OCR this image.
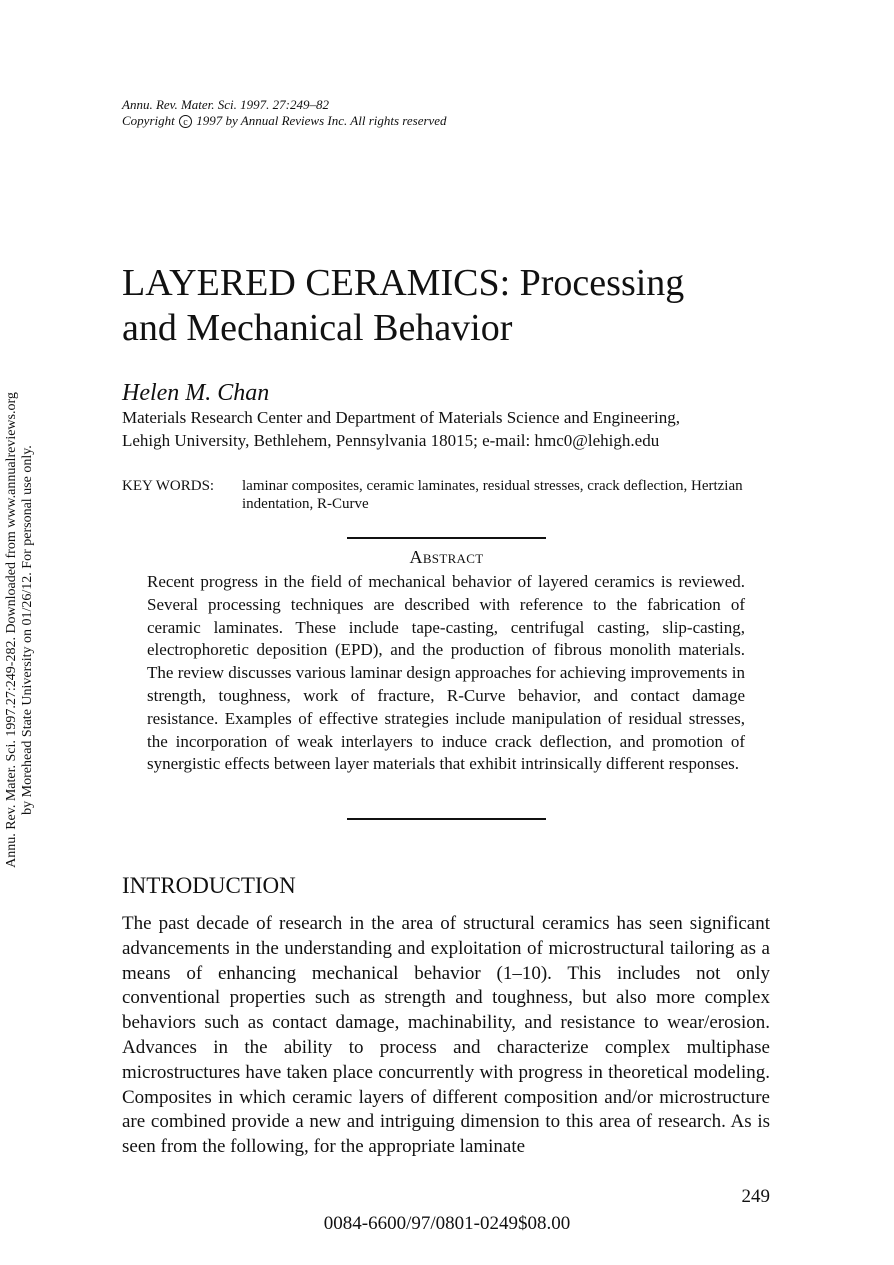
Annu. Rev. Mater. Sci. 1997.27:249-282. Downloaded from www.annualreviews.org by Morehead State University on 01/26/12. For personal use only.
Annu. Rev. Mater. Sci. 1997. 27:249–82
Copyright c 1997 by Annual Reviews Inc. All rights reserved
LAYERED CERAMICS: Processing
and Mechanical Behavior
Helen M. Chan
Materials Research Center and Department of Materials Science and Engineering,
Lehigh University, Bethlehem, Pennsylvania 18015; e-mail: hmc0@lehigh.edu
KEY WORDS:	laminar composites, ceramic laminates, residual stresses, crack deflection, Hertzian indentation, R-Curve
Abstract
Recent progress in the field of mechanical behavior of layered ceramics is reviewed. Several processing techniques are described with reference to the fabrication of ceramic laminates. These include tape-casting, centrifugal casting, slip-casting, electrophoretic deposition (EPD), and the production of fibrous monolith materials. The review discusses various laminar design approaches for achieving improvements in strength, toughness, work of fracture, R-Curve behavior, and contact damage resistance. Examples of effective strategies include manipulation of residual stresses, the incorporation of weak interlayers to induce crack deflection, and promotion of synergistic effects between layer materials that exhibit intrinsically different responses.
INTRODUCTION
The past decade of research in the area of structural ceramics has seen significant advancements in the understanding and exploitation of microstructural tailoring as a means of enhancing mechanical behavior (1–10). This includes not only conventional properties such as strength and toughness, but also more complex behaviors such as contact damage, machinability, and resistance to wear/erosion. Advances in the ability to process and characterize complex multiphase microstructures have taken place concurrently with progress in theoretical modeling. Composites in which ceramic layers of different composition and/or microstructure are combined provide a new and intriguing dimension to this area of research. As is seen from the following, for the appropriate laminate
249
0084-6600/97/0801-0249$08.00
